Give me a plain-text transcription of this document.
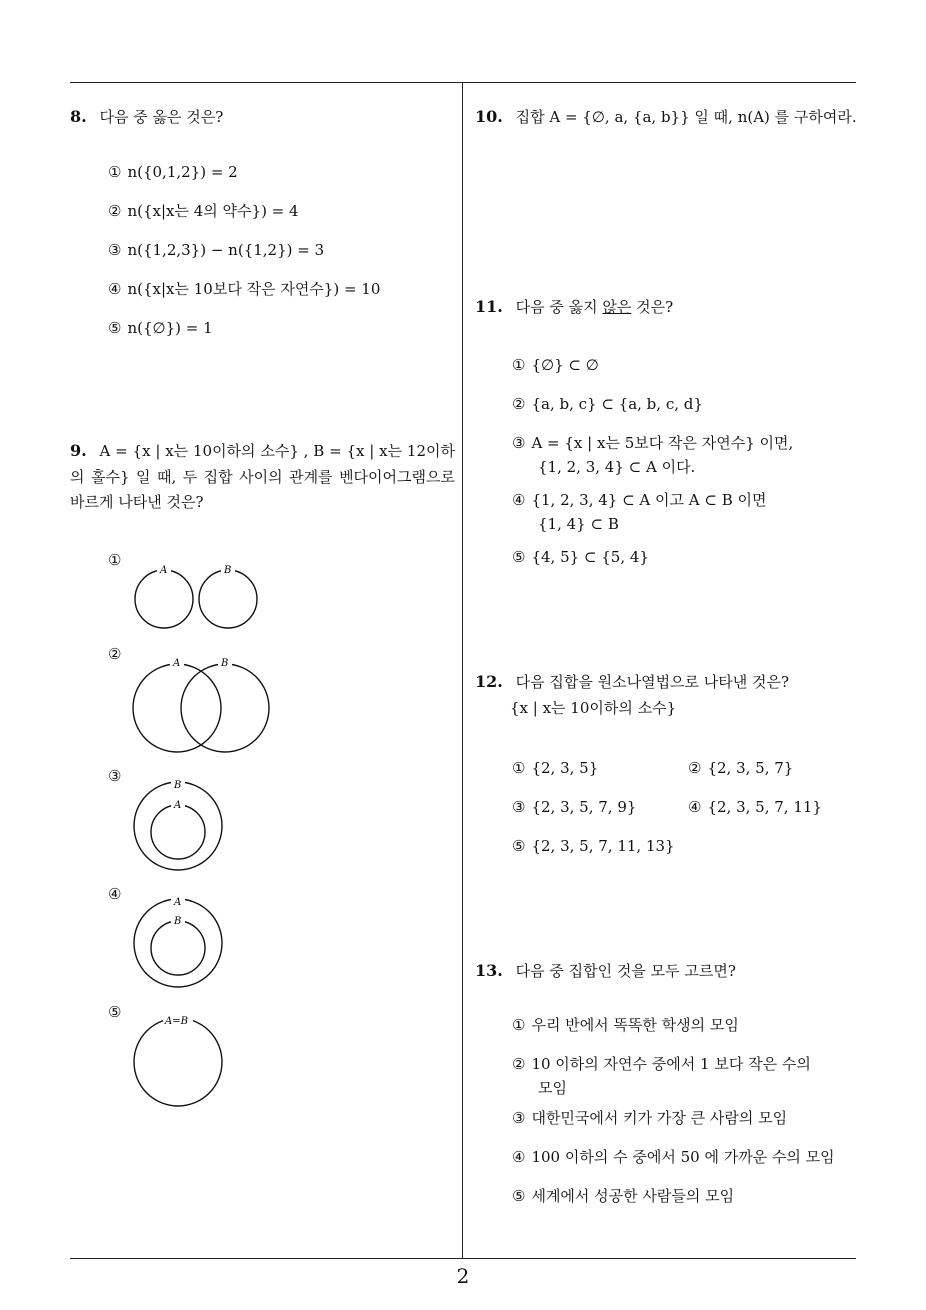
8. 다음 중 옳은 것은?
① n({0,1,2}) = 2
② n({x|x는 4의 약수}) = 4
③ n({1,2,3}) − n({1,2}) = 3
④ n({x|x는 10보다 작은 자연수}) = 10
⑤ n({∅}) = 1
9. A = {x | x는 10이하의 소수} , B = {x | x는 12이하의 홀수} 일 때, 두 집합 사이의 관계를 벤다이어그램으로 바르게 나타낸 것은?
①
A	B
②
A	B
③
B
A
④	A
B
⑤
A=B
10. 집합 A = {∅, a, {a, b}} 일 때, n(A) 를 구하여라.
11. 다음 중 옳지 않은 것은?
① {∅} ⊂ ∅
② {a, b, c} ⊂ {a, b, c, d}
③ A = {x | x는 5보다 작은 자연수} 이면,
{1, 2, 3, 4} ⊂ A 이다.
④ {1, 2, 3, 4} ⊂ A 이고 A ⊂ B 이면
{1, 4} ⊂ B
⑤ {4, 5} ⊂ {5, 4}
12. 다음 집합을 원소나열법으로 나타낸 것은?
{x | x는 10이하의 소수}
① {2, 3, 5}	② {2, 3, 5, 7}
③ {2, 3, 5, 7, 9}	④ {2, 3, 5, 7, 11}
⑤ {2, 3, 5, 7, 11, 13}
13. 다음 중 집합인 것을 모두 고르면?
① 우리 반에서 똑똑한 학생의 모임
② 10 이하의 자연수 중에서 1 보다 작은 수의
모임
③ 대한민국에서 키가 가장 큰 사람의 모임
④ 100 이하의 수 중에서 50 에 가까운 수의 모임
⑤ 세계에서 성공한 사람들의 모임
2
